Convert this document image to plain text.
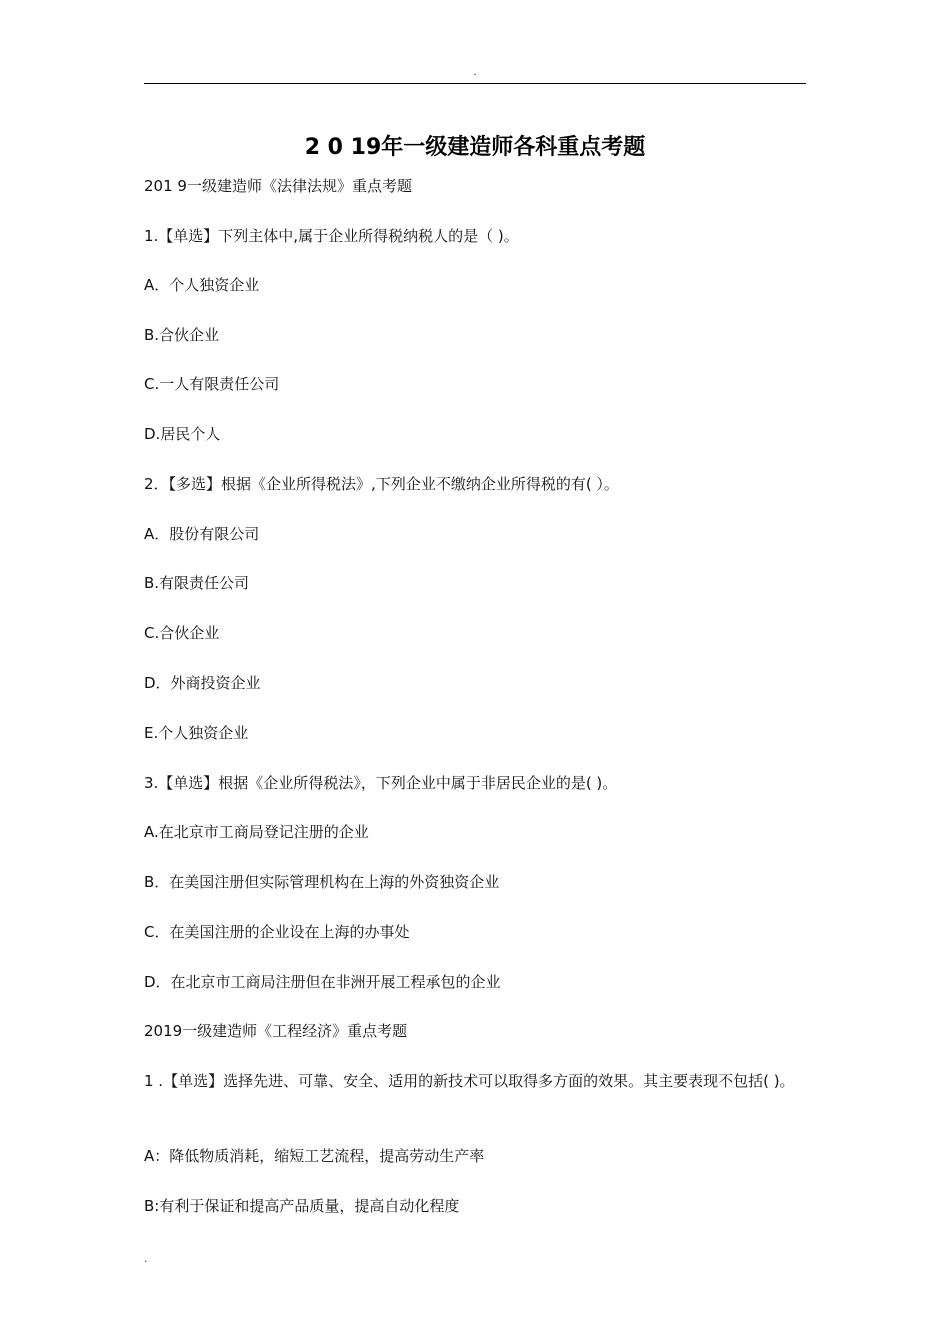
.
2 0 19年一级建造师各科重点考题
201 9一级建造师《法律法规》重点考题
1.【单选】下列主体中,属于企业所得税纳税人的是（ )。
A．个人独资企业
B.合伙企业
C.一人有限责任公司
D.居民个人
2．【多选】根据《企业所得税法》,下列企业不缴纳企业所得税的有( ）。
A．股份有限公司
B.有限责任公司
C.合伙企业
D．外商投资企业
E.个人独资企业
3.【单选】根据《企业所得税法》，下列企业中属于非居民企业的是( )。
A.在北京市工商局登记注册的企业
B．在美国注册但实际管理机构在上海的外资独资企业
C．在美国注册的企业设在上海的办事处
D．在北京市工商局注册但在非洲开展工程承包的企业
2019一级建造师《工程经济》重点考题
1 .【单选】选择先进、可靠、安全、适用的新技术可以取得多方面的效果。其主要表现不包括( )。
A：降低物质消耗，缩短工艺流程，提高劳动生产率
B:有利于保证和提高产品质量，提高自动化程度
.
